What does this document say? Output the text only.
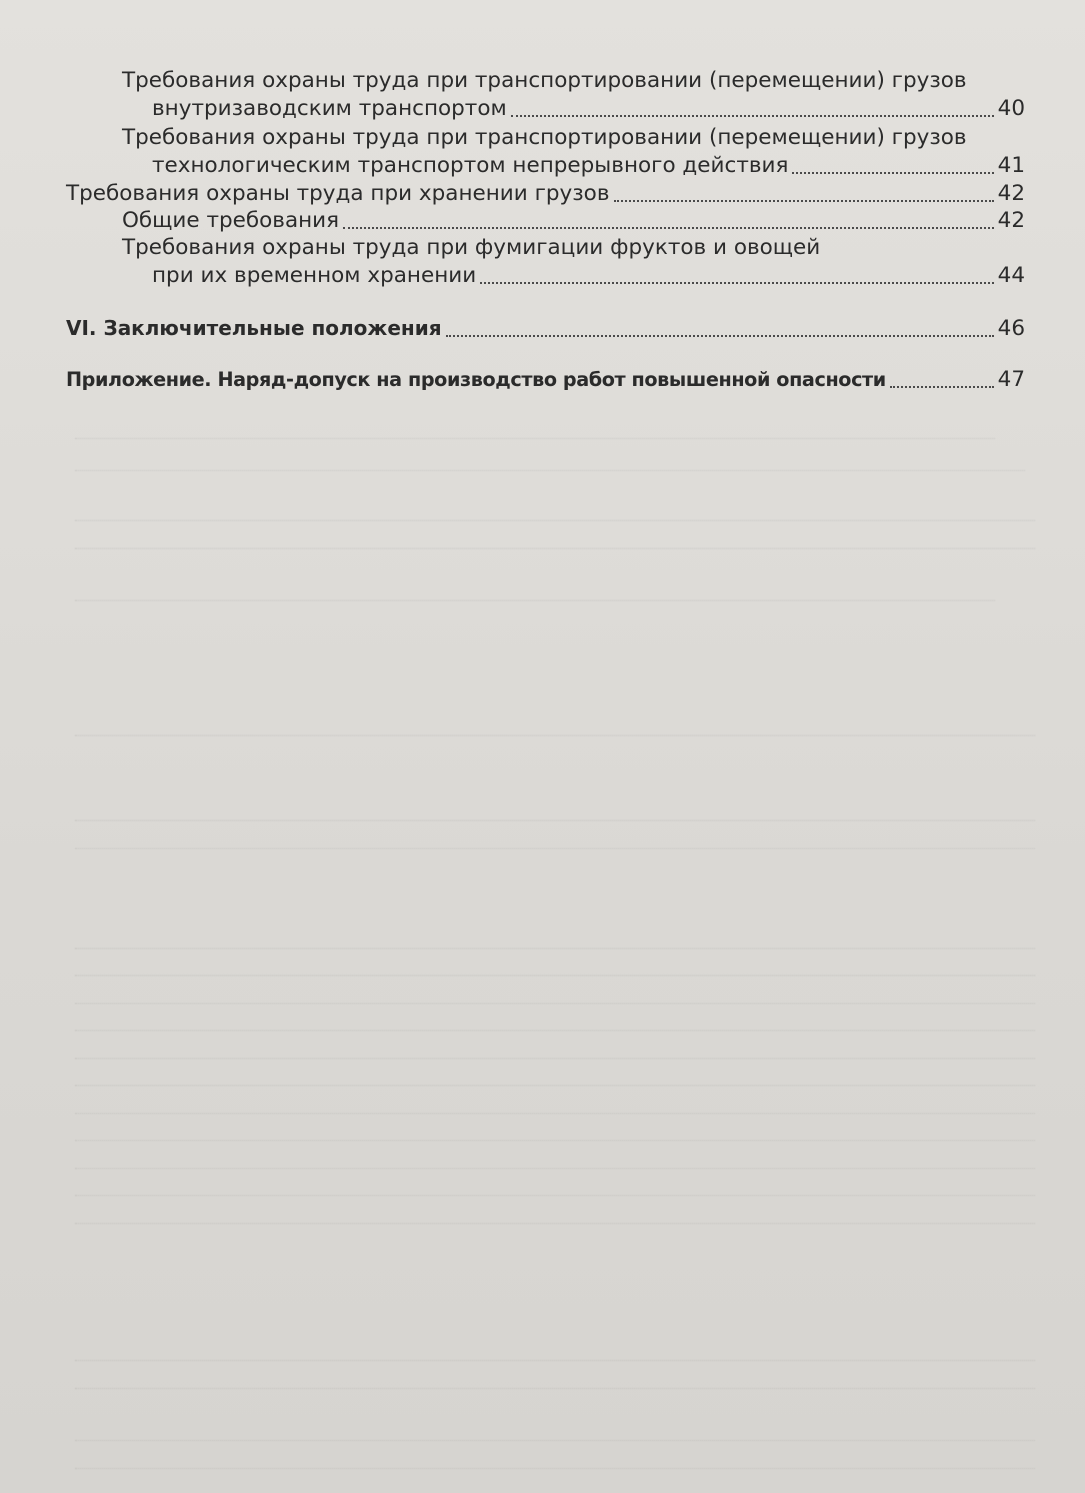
Требования охраны труда при транспортировании (перемещении) грузов
внутризаводским транспортом	40
Требования охраны труда при транспортировании (перемещении) грузов
технологическим транспортом непрерывного действия	41
Требования охраны труда при хранении грузов	42
Общие требования	42
Требования охраны труда при фумигации фруктов и овощей
при их временном хранении	44
VI. Заключительные положения	46
Приложение. Наряд-допуск на производство работ повышенной опасности	47
